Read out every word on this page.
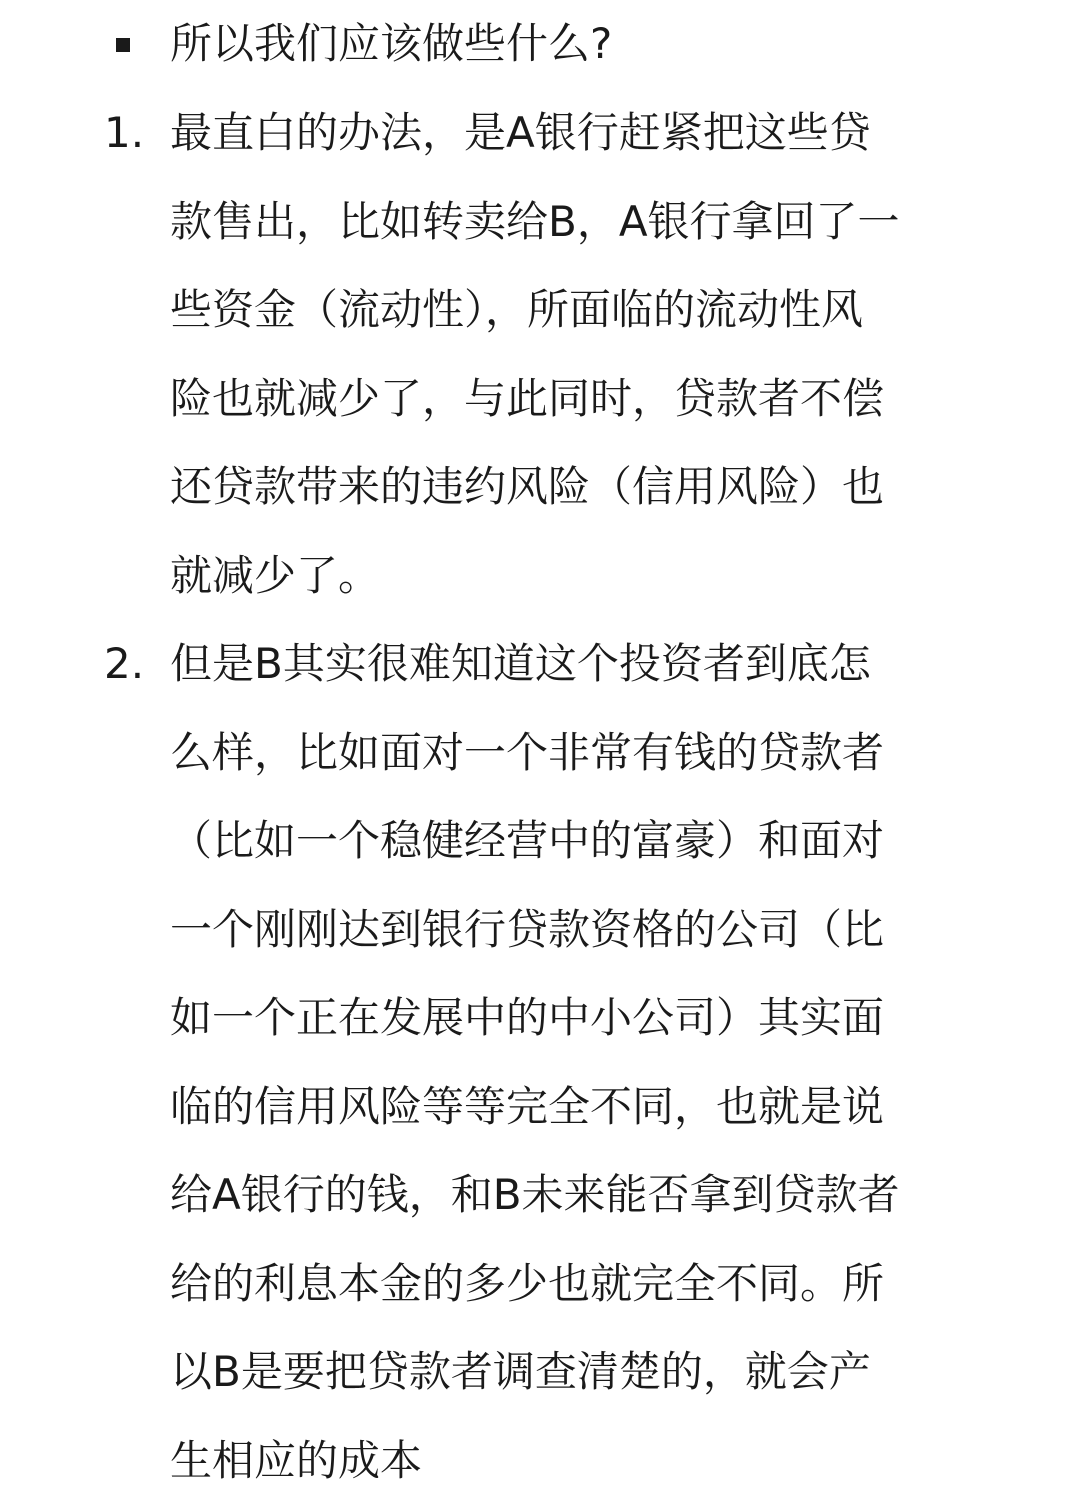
所以我们应该做些什么?
1. 最直白的办法，是A银行赶紧把这些贷
款售出，比如转卖给B，A银行拿回了一
些资金（流动性），所面临的流动性风
险也就减少了，与此同时，贷款者不偿
还贷款带来的违约风险（信用风险）也
就减少了。
2. 但是B其实很难知道这个投资者到底怎
么样，比如面对一个非常有钱的贷款者
（比如一个稳健经营中的富豪）和面对
一个刚刚达到银行贷款资格的公司（比
如一个正在发展中的中小公司）其实面
临的信用风险等等完全不同，也就是说
给A银行的钱，和B未来能否拿到贷款者
给的利息本金的多少也就完全不同。所
以B是要把贷款者调查清楚的，就会产
生相应的成本
